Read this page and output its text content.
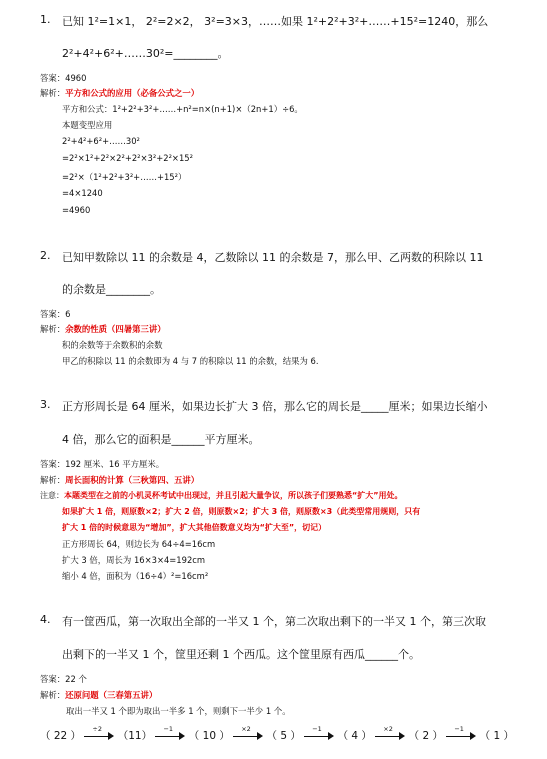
1. 已知 1²=1×1， 2²=2×2， 3²=3×3，……如果 1²+2²+3²+……+15²=1240，那么
2²+4²+6²+……30²=________。
答案：4960
解析：平方和公式的应用（必备公式之一）
平方和公式：1²+2²+3²+……+n²=n×(n+1)×（2n+1）÷6。
本题变型应用
2²+4²+6²+……30²
=2²×1²+2²×2²+2²×3²+2²×15²
=2²×（1²+2²+3²+……+15²）
=4×1240
=4960
2. 已知甲数除以 11 的余数是 4，乙数除以 11 的余数是 7，那么甲、乙两数的积除以 11
的余数是________。
答案：6
解析：余数的性质（四暑第三讲）
积的余数等于余数积的余数
甲乙的积除以 11 的余数即为 4 与 7 的积除以 11 的余数，结果为 6.
3. 正方形周长是 64 厘米，如果边长扩大 3 倍，那么它的周长是_____厘米；如果边长缩小
4 倍，那么它的面积是______平方厘米。
答案：192 厘米、16 平方厘米。
解析：周长面积的计算（三秋第四、五讲）
注意：本题类型在之前的小机灵杯考试中出现过，并且引起大量争议，所以孩子们要熟悉“扩大”用处。
如果扩大 1 倍，则原数×2；扩大 2 倍，则原数×2；扩大 3 倍，则原数×3（此类型常用规则，只有
扩大 1 倍的时候意思为“增加”，扩大其他倍数意义均为“扩大至”，切记）
正方形周长 64，则边长为 64÷4=16cm
扩大 3 倍，周长为 16×3×4=192cm
缩小 4 倍，面积为（16÷4）²=16cm²
4. 有一筐西瓜，第一次取出全部的一半又 1 个，第二次取出剩下的一半又 1 个，第三次取
出剩下的一半又 1 个，筐里还剩 1 个西瓜。这个筐里原有西瓜______个。
答案：22 个
解析：还原问题（三春第五讲）
取出一半又 1 个即为取出一半多 1 个，则剩下一半少 1 个。
（ 22 ）
÷2
（11）
−1
（ 10 ）
×2
（ 5 ）
−1
（ 4 ）
×2
（ 2 ）
−1
（ 1 ）
